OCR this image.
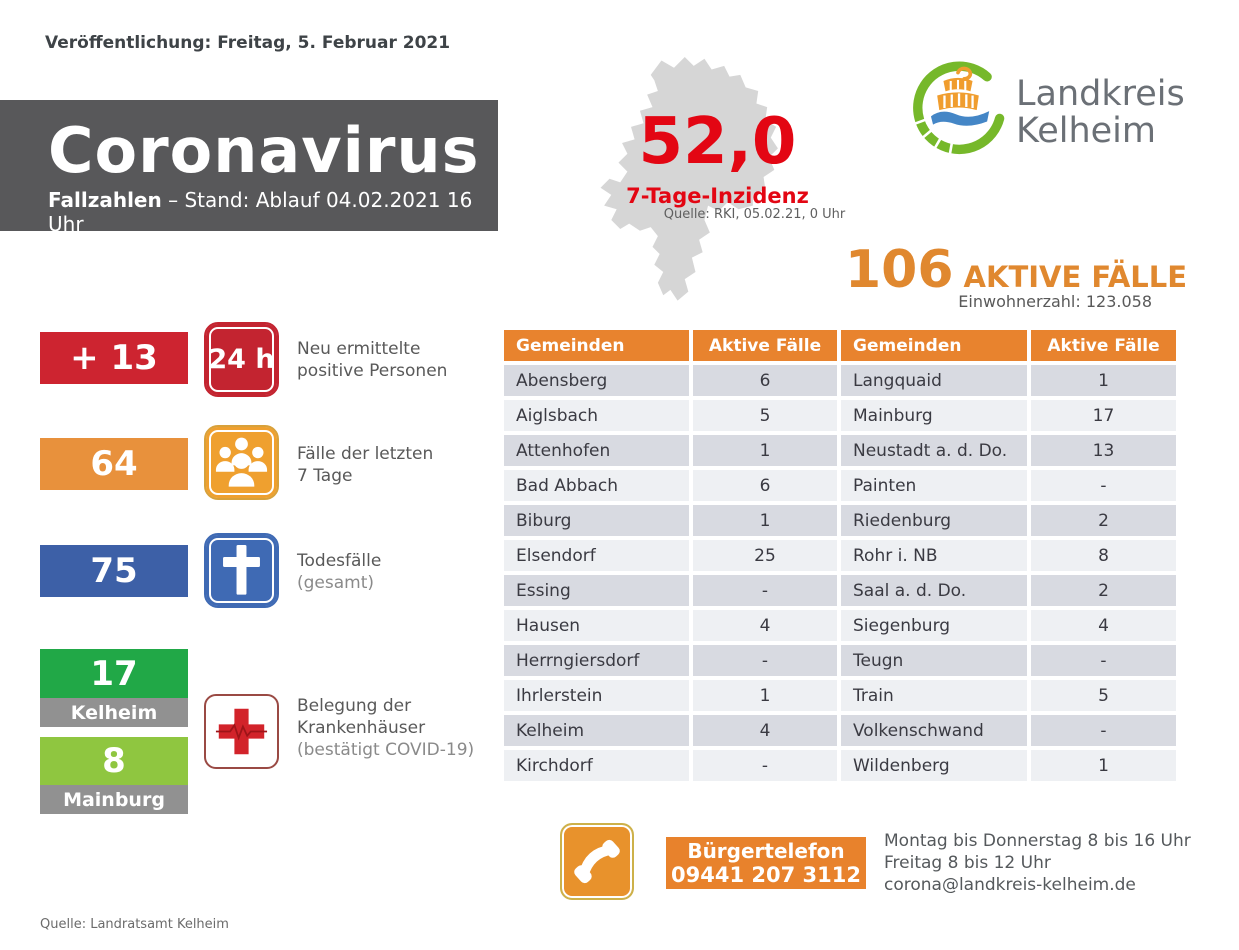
Veröffentlichung: Freitag, 5. Februar 2021
Coronavirus
Fallzahlen – Stand: Ablauf 04.02.2021 16 Uhr
52,0
7-Tage-Inzidenz
Quelle: RKI, 05.02.21, 0 Uhr
Landkreis
Kelheim
106 AKTIVE FÄLLE
Einwohnerzahl: 123.058
+ 13	24 h Neu ermittelte
positive Personen
64	Fälle der letzten
7 Tage
75	Todesfälle
(gesamt)
17
Kelheim
8
Mainburg
Belegung der
Krankenhäuser
(bestätigt COVID-19)
Gemeinden	Aktive Fälle	Gemeinden	Aktive Fälle
Abensberg	6	Langquaid	1
Aiglsbach	5	Mainburg	17
Attenhofen	1	Neustadt a. d. Do.	13
Bad Abbach	6	Painten	-
Biburg	1	Riedenburg	2
Elsendorf	25	Rohr i. NB	8
Essing	-	Saal a. d. Do.	2
Hausen	4	Siegenburg	4
Herrngiersdorf	-	Teugn	-
Ihrlerstein	1	Train	5
Kelheim	4	Volkenschwand	-
Kirchdorf	-	Wildenberg	1
Bürgertelefon
09441 207 3112
Montag bis Donnerstag 8 bis 16 Uhr
Freitag 8 bis 12 Uhr
corona@landkreis-kelheim.de
Quelle: Landratsamt Kelheim
